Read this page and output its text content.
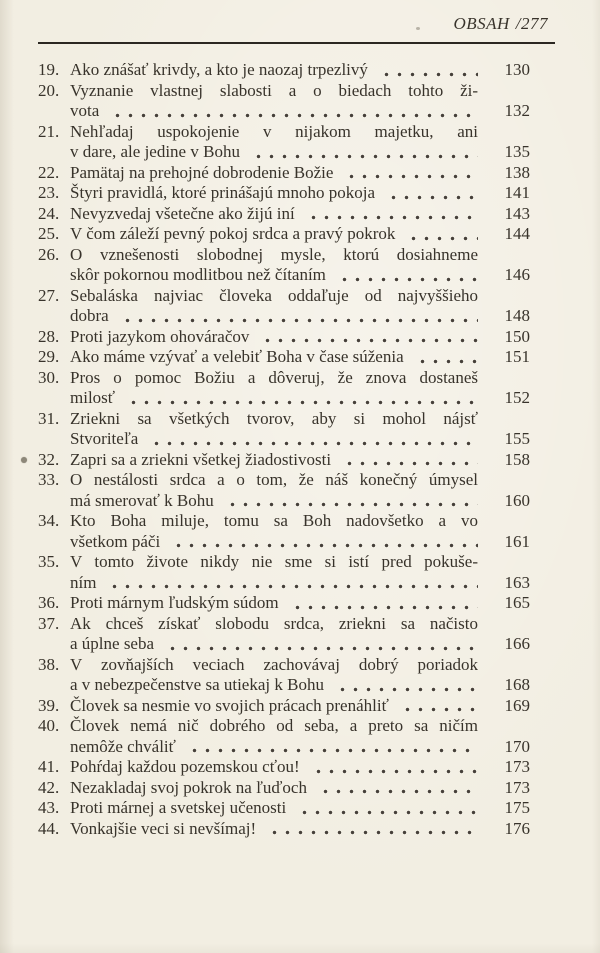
OBSAH /277
19. Ako znášať krivdy, a kto je naozaj trpezlivý	130
20. Vyznanie vlastnej slabosti a o biedach tohto ži-
vota	132
21. Nehľadaj uspokojenie v nijakom majetku, ani
v dare, ale jedine v Bohu	135
22. Pamätaj na prehojné dobrodenie Božie	138
23. Štyri pravidlá, ktoré prinášajú mnoho pokoja	141
24. Nevyzvedaj všetečne ako žijú iní	143
25. V čom záleží pevný pokoj srdca a pravý pokrok	144
26. O vznešenosti slobodnej mysle, ktorú dosiahneme
skôr pokornou modlitbou než čítaním	146
27. Sebaláska najviac človeka oddaľuje od najvyššieho
dobra	148
28. Proti jazykom ohováračov	150
29. Ako máme vzývať a velebiť Boha v čase súženia	151
30. Pros o pomoc Božiu a dôveruj, že znova dostaneš
milosť	152
31. Zriekni sa všetkých tvorov, aby si mohol nájsť
Stvoriteľa	155
32. Zapri sa a zriekni všetkej žiadostivosti	158
33. O nestálosti srdca a o tom, že náš konečný úmysel
má smerovať k Bohu	160
34. Kto Boha miluje, tomu sa Boh nadovšetko a vo
všetkom páči	161
35. V tomto živote nikdy nie sme si istí pred pokuše-
ním	163
36. Proti márnym ľudským súdom	165
37. Ak chceš získať slobodu srdca, zriekni sa načisto
a úplne seba	166
38. V zovňajších veciach zachovávaj dobrý poriadok
a v nebezpečenstve sa utiekaj k Bohu	168
39. Človek sa nesmie vo svojich prácach prenáhliť	169
40. Človek nemá nič dobrého od seba, a preto sa ničím
nemôže chváliť	170
41. Pohŕdaj každou pozemskou cťou!	173
42. Nezakladaj svoj pokrok na ľuďoch	173
43. Proti márnej a svetskej učenosti	175
44. Vonkajšie veci si nevšímaj!	176
